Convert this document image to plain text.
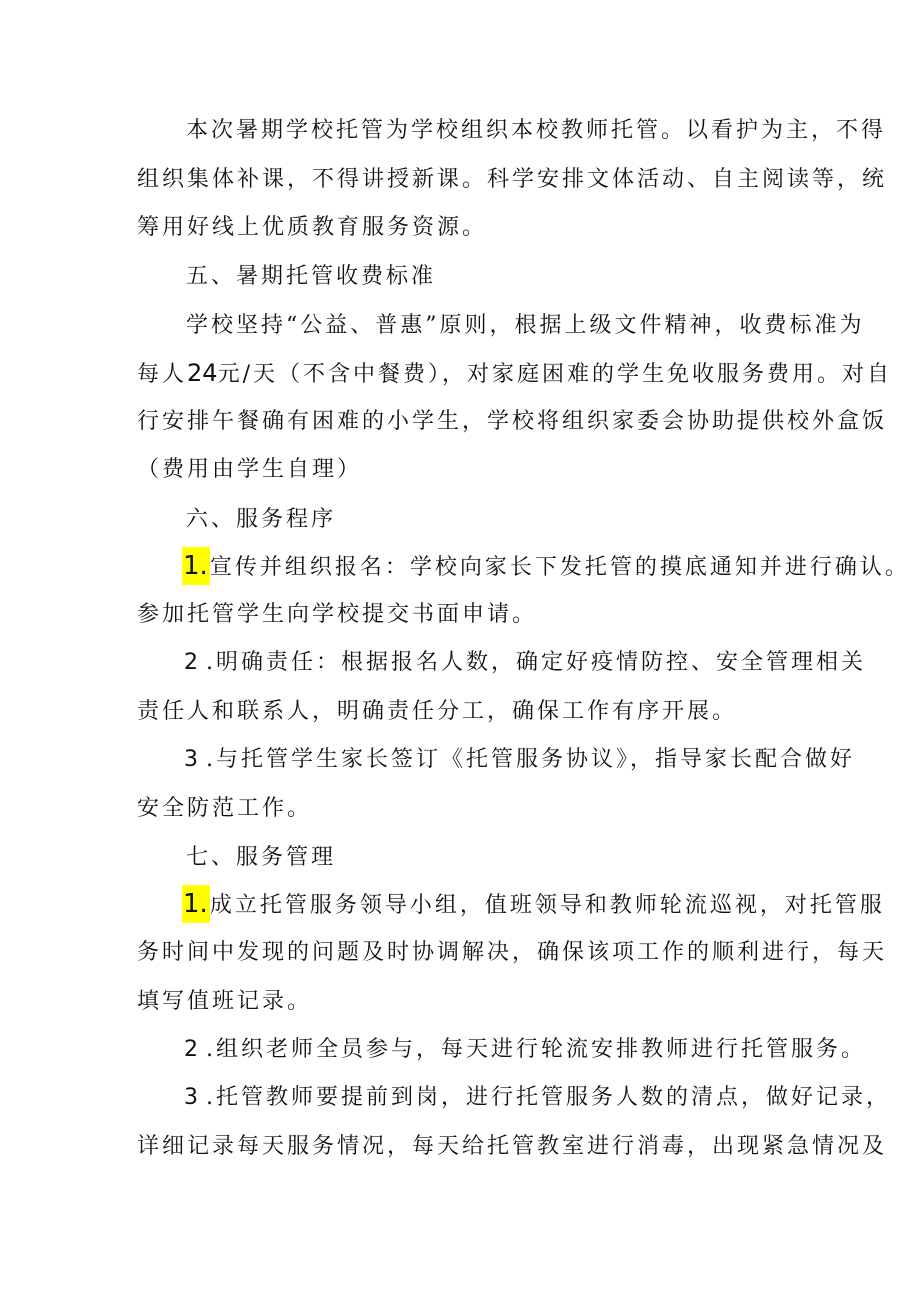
本次暑期学校托管为学校组织本校教师托管。以看护为主，不得
组织集体补课，不得讲授新课。科学安排文体活动、自主阅读等，统
筹用好线上优质教育服务资源。
五、暑期托管收费标准
学校坚持“公益、普惠”原则，根据上级文件精神，收费标准为
每人24元/天（不含中餐费），对家庭困难的学生免收服务费用。对自
行安排午餐确有困难的小学生，学校将组织家委会协助提供校外盒饭
（费用由学生自理）
六、服务程序
1.宣传并组织报名：学校向家长下发托管的摸底通知并进行确认。
参加托管学生向学校提交书面申请。
2 .明确责任：根据报名人数，确定好疫情防控、安全管理相关
责任人和联系人，明确责任分工，确保工作有序开展。
3 .与托管学生家长签订《托管服务协议》，指导家长配合做好
安全防范工作。
七、服务管理
1.成立托管服务领导小组，值班领导和教师轮流巡视，对托管服
务时间中发现的问题及时协调解决，确保该项工作的顺利进行，每天
填写值班记录。
2 .组织老师全员参与，每天进行轮流安排教师进行托管服务。
3 .托管教师要提前到岗，进行托管服务人数的清点，做好记录，
详细记录每天服务情况，每天给托管教室进行消毒，出现紧急情况及
